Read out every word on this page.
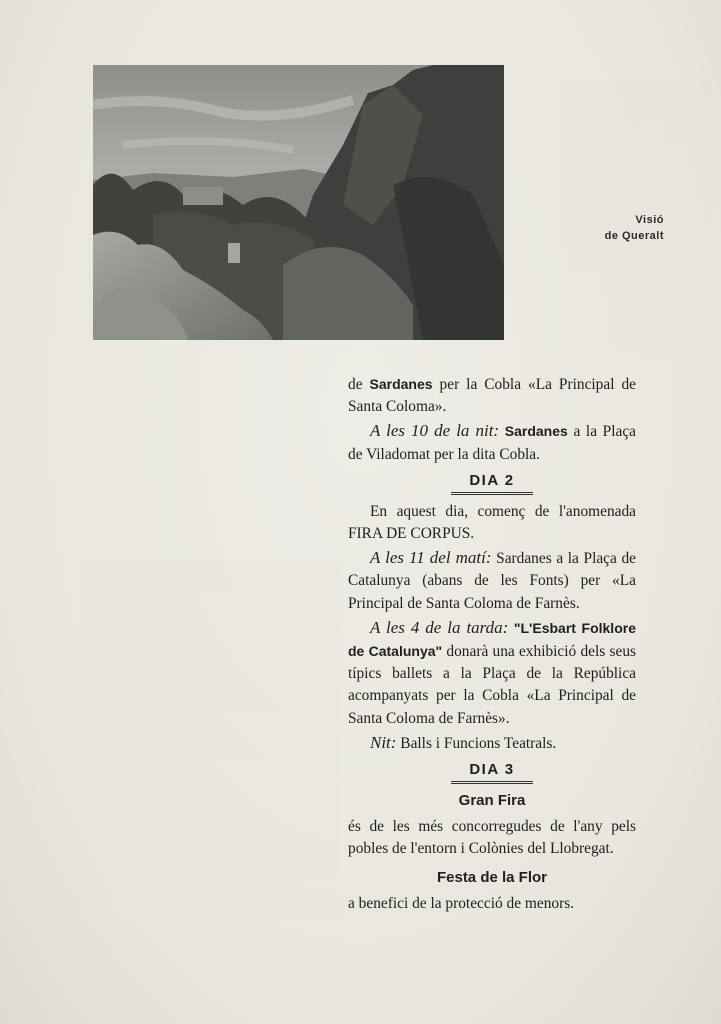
Visió
de Queralt

de Sardanes per la Cobla «La Principal de Santa Coloma».

A les 10 de la nit: Sardanes a la Plaça de Viladomat per la dita Cobla.

DIA 2

En aquest dia, començ de l'anomenada FIRA DE CORPUS.

A les 11 del matí: Sardanes a la Plaça de Catalunya (abans de les Fonts) per «La Principal de Santa Coloma de Farnès.

A les 4 de la tarda: "L'Esbart Folklore de Catalunya" donarà una exhibició dels seus típics ballets a la Plaça de la República acompanyats per la Cobla «La Principal de Santa Coloma de Farnès».

Nit: Balls i Funcions Teatrals.

DIA 3
Gran Fira

és de les més concorregudes de l'any pels pobles de l'entorn i Colònies del Llobregat.

Festa de la Flor

a benefici de la protecció de menors.
